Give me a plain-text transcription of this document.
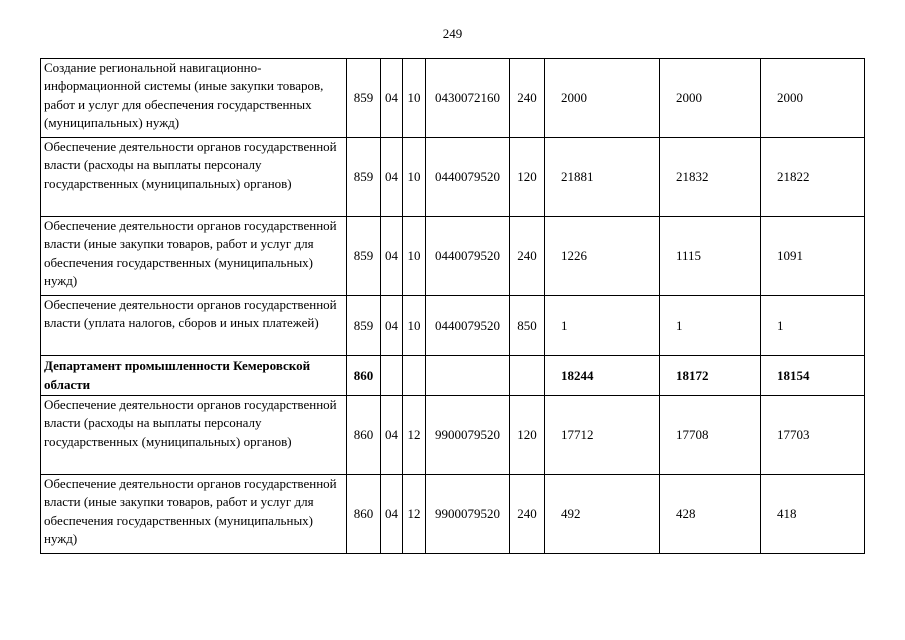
249
Создание региональной навигационно-информационной системы (иные закупки товаров, работ и услуг для обеспечения государственных (муниципальных) нужд)	859	04	10	0430072160	240	2000	2000	2000
Обеспечение деятельности органов государственной власти (расходы на выплаты персоналу государственных (муниципальных) органов)	859	04	10	0440079520	120	21881	21832	21822
Обеспечение деятельности органов государственной власти (иные закупки товаров, работ и услуг для обеспечения государственных (муниципальных) нужд)	859	04	10	0440079520	240	1226	1115	1091
Обеспечение деятельности органов государственной власти (уплата налогов, сборов и иных платежей)	859	04	10	0440079520	850	1	1	1
Департамент промышленности Кемеровской области	860					18244	18172	18154
Обеспечение деятельности органов государственной власти (расходы на выплаты персоналу государственных (муниципальных) органов)	860	04	12	9900079520	120	17712	17708	17703
Обеспечение деятельности органов государственной власти (иные закупки товаров, работ и услуг для обеспечения государственных (муниципальных) нужд)	860	04	12	9900079520	240	492	428	418
